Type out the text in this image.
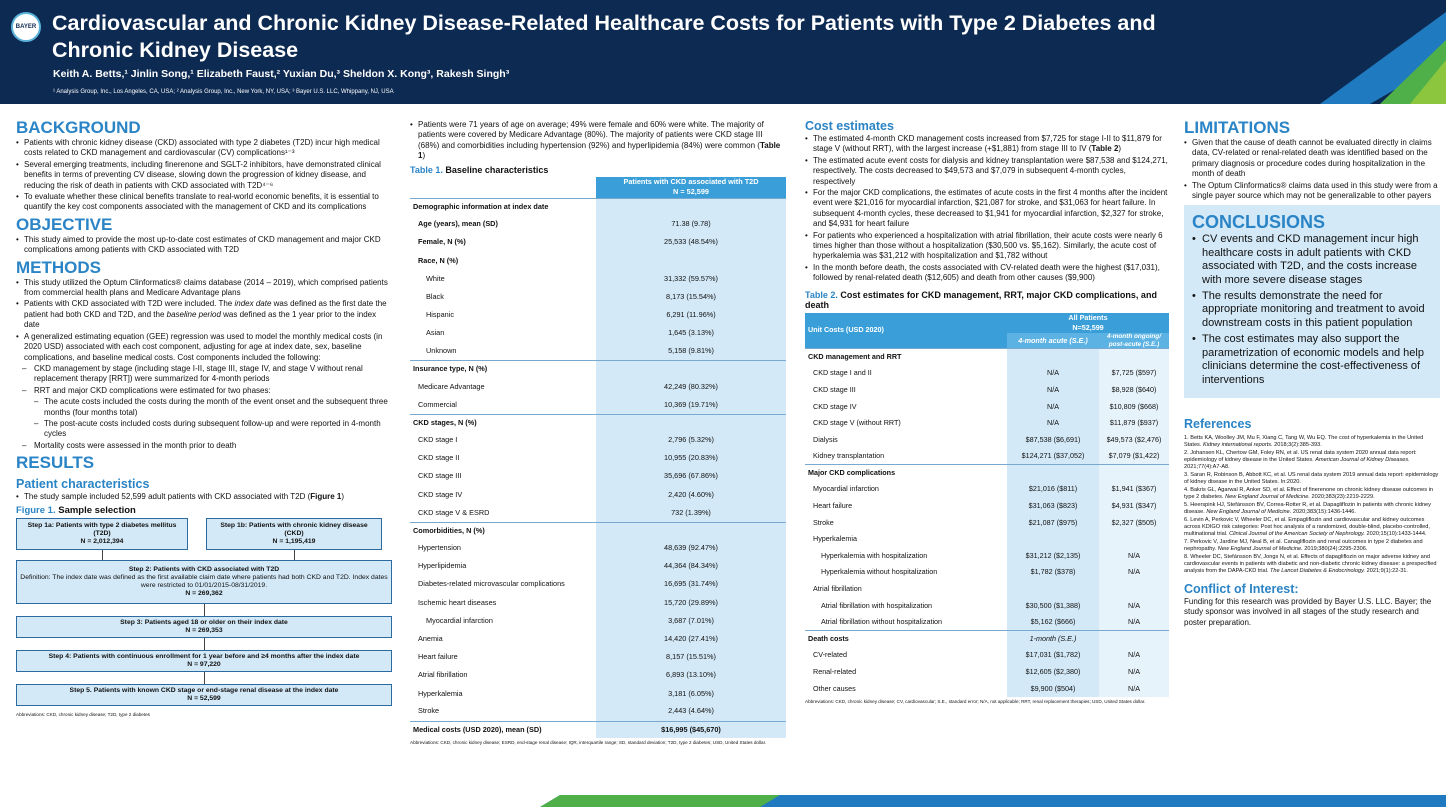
BAYER Cardiovascular and Chronic Kidney Disease-Related Healthcare Costs for Patients with Type 2 Diabetes and Chronic Kidney Disease
Keith A. Betts,¹ Jinlin Song,¹ Elizabeth Faust,² Yuxian Du,³ Sheldon X. Kong³, Rakesh Singh³
¹ Analysis Group, Inc., Los Angeles, CA, USA; ² Analysis Group, Inc., New York, NY, USA; ³ Bayer U.S. LLC, Whippany, NJ, USA
BACKGROUND
• Patients with chronic kidney disease (CKD) associated with type 2 diabetes (T2D) incur high medical costs related to CKD management and cardiovascular (CV) complications¹⁻³
• Several emerging treatments, including finerenone and SGLT-2 inhibitors, have demonstrated clinical benefits in terms of preventing CV disease, slowing down the progression of kidney disease, and reducing the risk of death in patients with CKD associated with T2D⁴⁻⁶
• To evaluate whether these clinical benefits translate to real-world economic benefits, it is essential to quantify the key cost components associated with the management of CKD and its complications
OBJECTIVE
• This study aimed to provide the most up-to-date cost estimates of CKD management and major CKD complications among patients with CKD associated with T2D
METHODS
• This study utilized the Optum Clinformatics® claims database (2014 – 2019), which comprised patients from commercial health plans and Medicare Advantage plans
• Patients with CKD associated with T2D were included. The index date was defined as the first date the patient had both CKD and T2D, and the baseline period was defined as the 1 year prior to the index date
• A generalized estimating equation (GEE) regression was used to model the monthly medical costs (in 2020 USD) associated with each cost component, adjusting for age at index date, sex, baseline complications, and baseline medical costs. Cost components included the following:
– CKD management by stage (including stage I-II, stage III, stage IV, and stage V without renal replacement therapy [RRT]) were summarized for 4-month periods
– RRT and major CKD complications were estimated for two phases:
– The acute costs included the costs during the month of the event onset and the subsequent three months (four months total)
– The post-acute costs included costs during subsequent follow-up and were reported in 4-month cycles
– Mortality costs were assessed in the month prior to death
RESULTS
Patient characteristics
• The study sample included 52,599 adult patients with CKD associated with T2D (Figure 1)
Figure 1. Sample selection
Step 1a: Patients with type 2 diabetes mellitus (T2D)
N = 2,012,394
Step 1b: Patients with chronic kidney disease (CKD)
N = 1,195,419
Step 2: Patients with CKD associated with T2D
Definition: The index date was defined as the first available claim date where patients had both CKD and T2D. Index dates were restricted to 01/01/2015-08/31/2019.
N = 269,362
Step 3: Patients aged 18 or older on their index date
N = 269,353
Step 4: Patients with continuous enrollment for 1 year before and ≥4 months after the index date
N = 97,220
Step 5. Patients with known CKD stage or end-stage renal disease at the index date
N = 52,599
Abbreviations: CKD, chronic kidney disease; T2D, type 2 diabetes
• Patients were 71 years of age on average; 49% were female and 60% were white. The majority of patients were covered by Medicare Advantage (80%). The majority of patients were CKD stage III (68%) and comorbidities including hypertension (92%) and hyperlipidemia (84%) were common (Table 1)
Table 1. Baseline characteristics

	Patients with CKD associated with T2D
N = 52,599

Demographic information at index date	
Age (years), mean (SD)	71.38 (9.78)
Female, N (%)	25,533 (48.54%)
Race, N (%)	
White	31,332 (59.57%)
Black	8,173 (15.54%)
Hispanic	6,291 (11.96%)
Asian	1,645 (3.13%)
Unknown	5,158 (9.81%)
Insurance type, N (%)	
Medicare Advantage	42,249 (80.32%)
Commercial	10,369 (19.71%)
CKD stages, N (%)	
CKD stage I	2,796 (5.32%)
CKD stage II	10,955 (20.83%)
CKD stage III	35,696 (67.86%)
CKD stage IV	2,420 (4.60%)
CKD stage V & ESRD	732 (1.39%)
Comorbidities, N (%)	
Hypertension	48,639 (92.47%)
Hyperlipidemia	44,364 (84.34%)
Diabetes-related microvascular complications	16,695 (31.74%)
Ischemic heart diseases	15,720 (29.89%)
Myocardial infarction	3,687 (7.01%)
Anemia	14,420 (27.41%)
Heart failure	8,157 (15.51%)
Atrial fibrillation	6,893 (13.10%)
Hyperkalemia	3,181 (6.05%)
Stroke	2,443 (4.64%)
Medical costs (USD 2020), mean (SD)	$16,995 ($45,670)
Abbreviations: CKD, chronic kidney disease; ESRD, end-stage renal disease; IQR, interquartile range; SD, standard deviation; T2D, type 2 diabetes; USD, United States dollar.
Cost estimates
• The estimated 4-month CKD management costs increased from $7,725 for stage I-II to $11,879 for stage V (without RRT), with the largest increase (+$1,881) from stage III to IV (Table 2)
• The estimated acute event costs for dialysis and kidney transplantation were $87,538 and $124,271, respectively. The costs decreased to $49,573 and $7,079 in subsequent 4-month cycles, respectively
• For the major CKD complications, the estimates of acute costs in the first 4 months after the incident event were $21,016 for myocardial infarction, $21,087 for stroke, and $31,063 for heart failure. In subsequent 4-month cycles, these decreased to $1,941 for myocardial infarction, $2,327 for stroke, and $4,931 for heart failure
• For patients who experienced a hospitalization with atrial fibrillation, their acute costs were nearly 6 times higher than those without a hospitalization ($30,500 vs. $5,162). Similarly, the acute cost of hyperkalemia was $31,212 with hospitalization and $1,782 without
• In the month before death, the costs associated with CV-related death were the highest ($17,031), followed by renal-related death ($12,605) and death from other causes ($9,900)
Table 2. Cost estimates for CKD management, RRT, major CKD complications, and death
Unit Costs (USD 2020)	All Patients
N=52,599	

	4-month acute (S.E.)	4-month ongoing/ post-acute (S.E.)
CKD management and RRT		
CKD stage I and II	N/A	$7,725 ($597)
CKD stage III	N/A	$8,928 ($640)
CKD stage IV	N/A	$10,809 ($668)
CKD stage V (without RRT)	N/A	$11,879 ($937)
Dialysis	$87,538 ($6,691)	$49,573 ($2,476)
Kidney transplantation	$124,271 ($37,052)	$7,079 ($1,422)
Major CKD complications		
Myocardial infarction	$21,016 ($811)	$1,941 ($367)
Heart failure	$31,063 ($823)	$4,931 ($347)
Stroke	$21,087 ($975)	$2,327 ($505)
Hyperkalemia		
Hyperkalemia with hospitalization	$31,212 ($2,135)	N/A
Hyperkalemia without hospitalization	$1,782 ($378)	N/A
Atrial fibrillation		
Atrial fibrillation with hospitalization	$30,500 ($1,388)	N/A
Atrial fibrillation without hospitalization	$5,162 ($666)	N/A
Death costs	1-month (S.E.)	
CV-related	$17,031 ($1,782)	N/A
Renal-related	$12,605 ($2,380)	N/A
Other causes	$9,900 ($504)	N/A
Abbreviations: CKD, chronic kidney disease; CV, cardiovascular; S.E., standard error; N/A, not applicable; RRT, renal replacement therapies; USD, United States dollar.
LIMITATIONS
• Given that the cause of death cannot be evaluated directly in claims data, CV-related or renal-related death was identified based on the primary diagnosis or procedure codes during hospitalization in the month of death
• The Optum Clinformatics® claims data used in this study were from a single payer source which may not be generalizable to other payers
CONCLUSIONS
• CV events and CKD management incur high healthcare costs in adult patients with CKD associated with T2D, and the costs increase with more severe disease stages
• The results demonstrate the need for appropriate monitoring and treatment to avoid downstream costs in this patient population
• The cost estimates may also support the parametrization of economic models and help clinicians determine the cost-effectiveness of interventions
References
1. Betts KA, Woolley JM, Mu F, Xiang C, Tang W, Wu EQ. The cost of hyperkalemia in the United States. Kidney international reports. 2018;3(2):385-393.
2. Johansen KL, Chertow GM, Foley RN, et al. US renal data system 2020 annual data report: epidemiology of kidney disease in the United States. American Journal of Kidney Diseases. 2021;77(4):A7-A8.
3. Saran R, Robinson B, Abbott KC, et al. US renal data system 2019 annual data report: epidemiology of kidney disease in the United States. In:2020.
4. Bakris GL, Agarwal R, Anker SD, et al. Effect of finerenone on chronic kidney disease outcomes in type 2 diabetes. New England Journal of Medicine. 2020;383(23):2219-2229.
5. Heerspink HJ, Stefánsson BV, Correa-Rotter R, et al. Dapagliflozin in patients with chronic kidney disease. New England Journal of Medicine. 2020;383(15):1436-1446.
6. Levin A, Perkovic V, Wheeler DC, et al. Empagliflozin and cardiovascular and kidney outcomes across KDIGO risk categories: Post hoc analysis of a randomized, double-blind, placebo-controlled, multinational trial. Clinical Journal of the American Society of Nephrology. 2020;15(10):1433-1444.
7. Perkovic V, Jardine MJ, Neal B, et al. Canagliflozin and renal outcomes in type 2 diabetes and nephropathy. New England Journal of Medicine. 2019;380(24):2295-2306.
8. Wheeler DC, Stefánsson BV, Jongs N, et al. Effects of dapagliflozin on major adverse kidney and cardiovascular events in patients with diabetic and non-diabetic chronic kidney disease: a prespecified analysis from the DAPA-CKD trial. The Lancet Diabetes & Endocrinology. 2021;9(1):22-31.
Conflict of Interest:
Funding for this research was provided by Bayer U.S. LLC. Bayer; the study sponsor was involved in all stages of the study research and poster preparation.
